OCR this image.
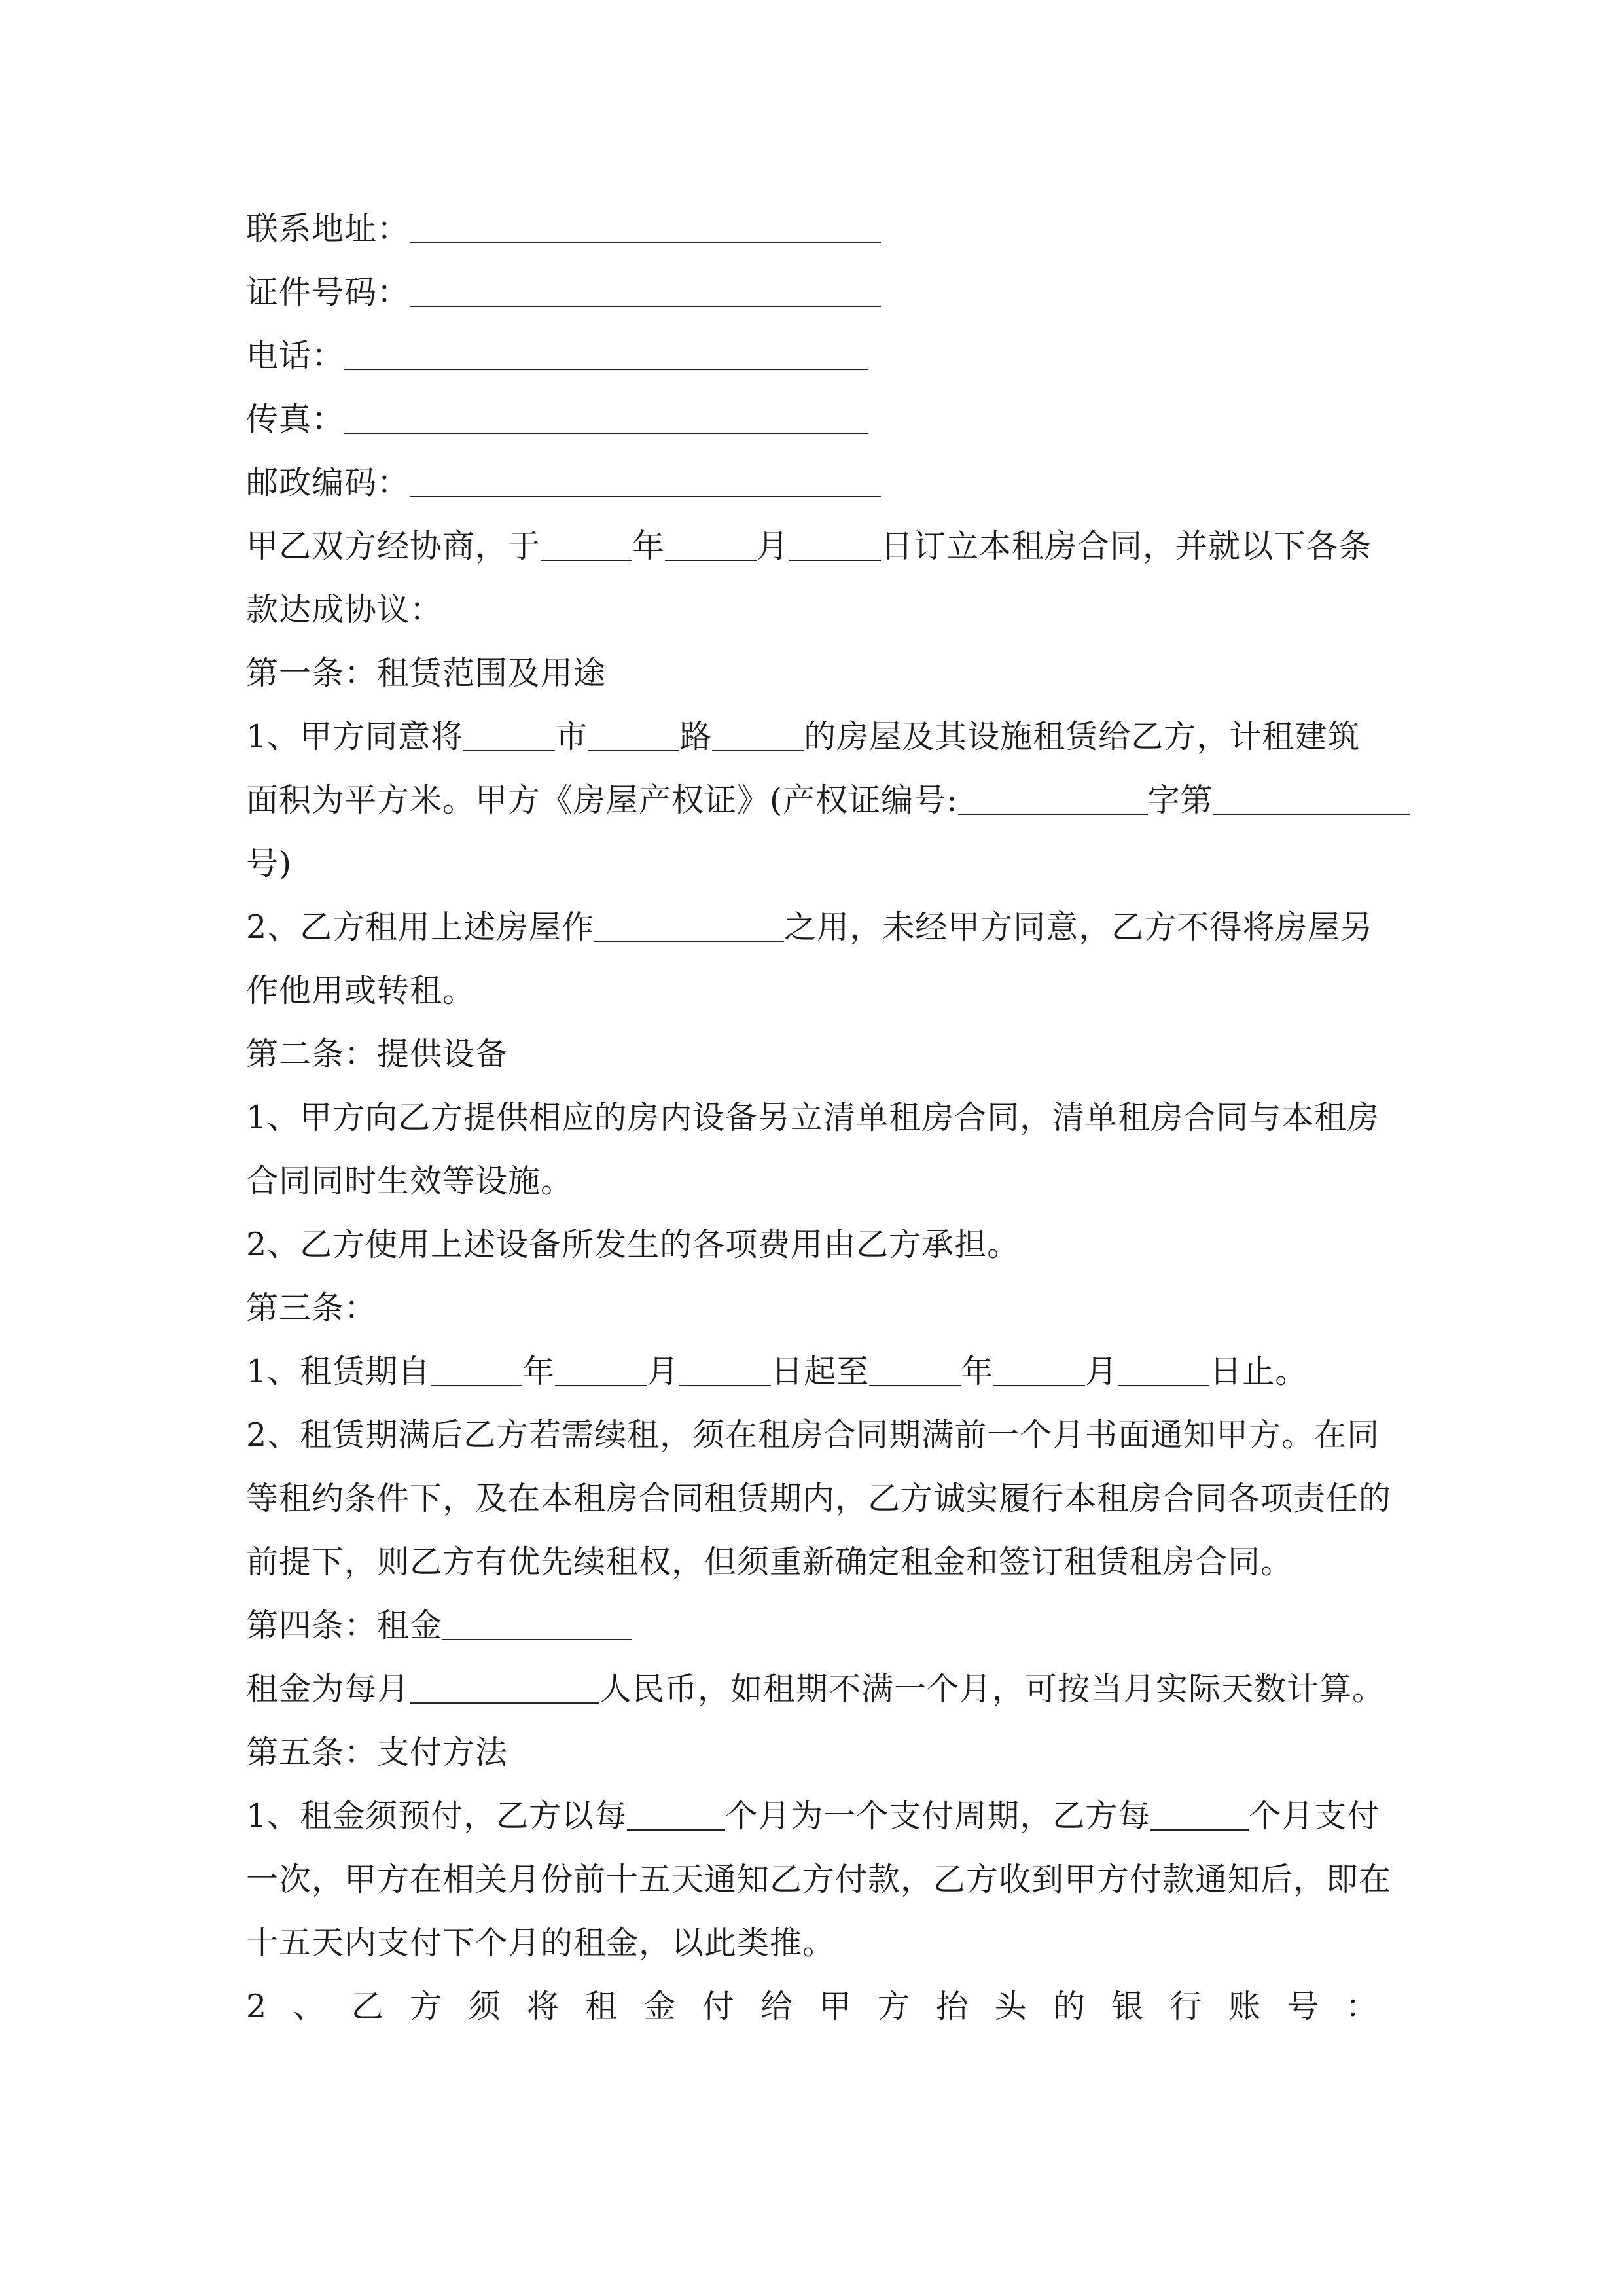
联系地址：
证件号码：
电话：
传真：
邮政编码：
甲乙双方经协商，于	年	月	日订立本租房合同，并就以下各条
款达成协议：
第一条：租赁范围及用途
1、甲方同意将	市	路	的房屋及其设施租赁给乙方，计租建筑
面积为平方米。甲方《房屋产权证》(产权证编号:	字第
号)
2、乙方租用上述房屋作	之用，未经甲方同意，乙方不得将房屋另
作他用或转租。
第二条：提供设备
1、甲方向乙方提供相应的房内设备另立清单租房合同，清单租房合同与本租房
合同同时生效等设施。
2、乙方使用上述设备所发生的各项费用由乙方承担。
第三条：
1、租赁期自	年	月	日起至	年	月	日止。
2、租赁期满后乙方若需续租，须在租房合同期满前一个月书面通知甲方。在同
等租约条件下，及在本租房合同租赁期内，乙方诚实履行本租房合同各项责任的
前提下，则乙方有优先续租权，但须重新确定租金和签订租赁租房合同。
第四条：租金
租金为每月	人民币，如租期不满一个月，可按当月实际天数计算。
第五条：支付方法
1、租金须预付，乙方以每	个月为一个支付周期，乙方每	个月支付
一次，甲方在相关月份前十五天通知乙方付款，乙方收到甲方付款通知后，即在
十五天内支付下个月的租金，以此类推。
2 、 乙 方 须 将 租 金 付 给 甲 方 抬 头 的 银 行 账 号 ：
